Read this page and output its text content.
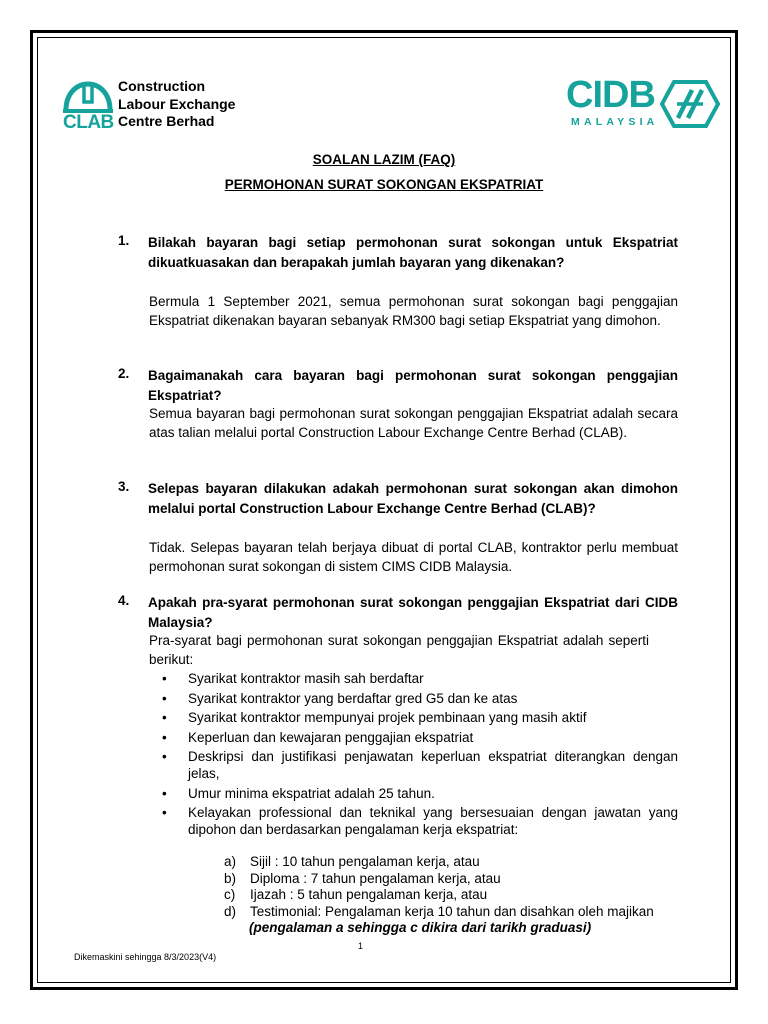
CLAB
Construction
Labour Exchange
Centre Berhad
CIDB
MALAYSIA
SOALAN LAZIM (FAQ)
PERMOHONAN SURAT SOKONGAN EKSPATRIAT
1. Bilakah bayaran bagi setiap permohonan surat sokongan untuk Ekspatriat dikuatkuasakan dan berapakah jumlah bayaran yang dikenakan?
Bermula 1 September 2021, semua permohonan surat sokongan bagi penggajian Ekspatriat dikenakan bayaran sebanyak RM300 bagi setiap Ekspatriat yang dimohon.
2. Bagaimanakah cara bayaran bagi permohonan surat sokongan penggajian Ekspatriat?
Semua bayaran bagi permohonan surat sokongan penggajian Ekspatriat adalah secara atas talian melalui portal Construction Labour Exchange Centre Berhad (CLAB).
3. Selepas bayaran dilakukan adakah permohonan surat sokongan akan dimohon melalui portal Construction Labour Exchange Centre Berhad (CLAB)?
Tidak. Selepas bayaran telah berjaya dibuat di portal CLAB, kontraktor perlu membuat permohonan surat sokongan di sistem CIMS CIDB Malaysia.
4. Apakah pra-syarat permohonan surat sokongan penggajian Ekspatriat dari CIDB Malaysia?
Pra-syarat bagi permohonan surat sokongan penggajian Ekspatriat adalah seperti berikut:
• Syarikat kontraktor masih sah berdaftar
• Syarikat kontraktor yang berdaftar gred G5 dan ke atas
• Syarikat kontraktor mempunyai projek pembinaan yang masih aktif
• Keperluan dan kewajaran penggajian ekspatriat
• Deskripsi dan justifikasi penjawatan keperluan ekspatriat diterangkan dengan jelas,
• Umur minima ekspatriat adalah 25 tahun.
• Kelayakan professional dan teknikal yang bersesuaian dengan jawatan yang dipohon dan berdasarkan pengalaman kerja ekspatriat:
a) Sijil : 10 tahun pengalaman kerja, atau
b) Diploma : 7 tahun pengalaman kerja, atau
c) Ijazah : 5 tahun pengalaman kerja, atau
d) Testimonial: Pengalaman kerja 10 tahun dan disahkan oleh majikan
(pengalaman a sehingga c dikira dari tarikh graduasi)
1
Dikemaskini sehingga 8/3/2023(V4)
